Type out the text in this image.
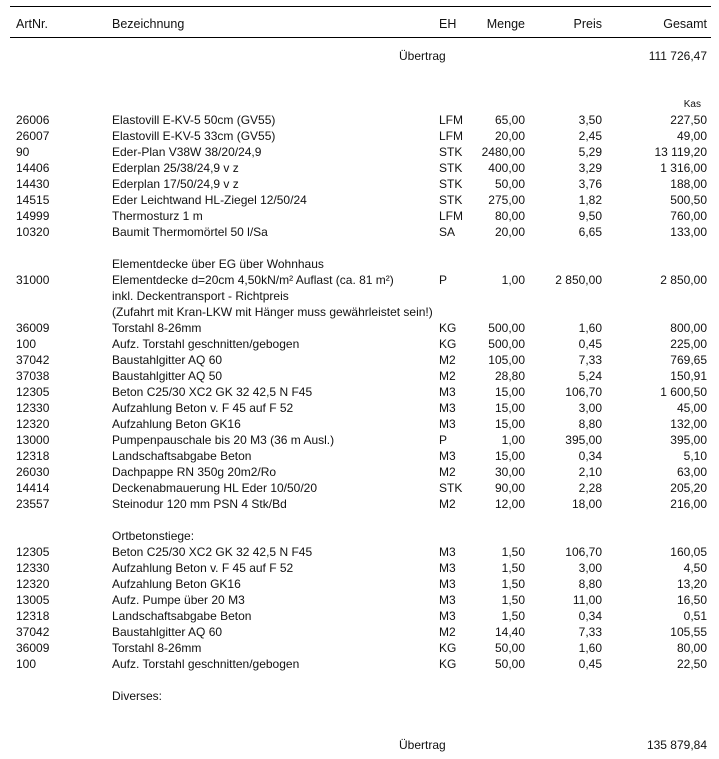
ArtNr.	Bezeichnung	EH Menge	Preis	Gesamt
Übertrag	111 726,47
Kas
26006	Elastovill E-KV-5 50cm (GV55)	LFM	65,00	3,50	227,50
26007	Elastovill E-KV-5 33cm (GV55)	LFM	20,00	2,45	49,00
90	Eder-Plan V38W 38/20/24,9	STK 2480,00	5,29	13 119,20
14406	Ederplan 25/38/24,9 v z	STK 400,00	3,29	1 316,00
14430	Ederplan 17/50/24,9 v z	STK	50,00	3,76	188,00
14515	Eder Leichtwand HL-Ziegel 12/50/24	STK 275,00	1,82	500,50
14999	Thermosturz 1 m	LFM	80,00	9,50	760,00
10320	Baumit Thermomörtel 50 l/Sa	SA	20,00	6,65	133,00
Elementdecke über EG über Wohnhaus
31000	Elementdecke d=20cm 4,50kN/m² Auflast (ca. 81 m²)	P	1,00	2 850,00	2 850,00
inkl. Deckentransport - Richtpreis
(Zufahrt mit Kran-LKW mit Hänger muss gewährleistet sein!)
36009	Torstahl 8-26mm	KG	500,00	1,60	800,00
100	Aufz. Torstahl geschnitten/gebogen	KG	500,00	0,45	225,00
37042	Baustahlgitter AQ 60	M2	105,00	7,33	769,65
37038	Baustahlgitter AQ 50	M2	28,80	5,24	150,91
12305	Beton C25/30 XC2 GK 32 42,5 N F45	M3	15,00	106,70	1 600,50
12330	Aufzahlung Beton v. F 45 auf F 52	M3	15,00	3,00	45,00
12320	Aufzahlung Beton GK16	M3	15,00	8,80	132,00
13000	Pumpenpauschale bis 20 M3 (36 m Ausl.)	P	1,00	395,00	395,00
12318	Landschaftsabgabe Beton	M3	15,00	0,34	5,10
26030	Dachpappe RN 350g 20m2/Ro	M2	30,00	2,10	63,00
14414	Deckenabmauerung HL Eder 10/50/20	STK	90,00	2,28	205,20
23557	Steinodur 120 mm PSN 4 Stk/Bd	M2	12,00	18,00	216,00
Ortbetonstiege:
12305	Beton C25/30 XC2 GK 32 42,5 N F45	M3	1,50	106,70	160,05
12330	Aufzahlung Beton v. F 45 auf F 52	M3	1,50	3,00	4,50
12320	Aufzahlung Beton GK16	M3	1,50	8,80	13,20
13005	Aufz. Pumpe über 20 M3	M3	1,50	11,00	16,50
12318	Landschaftsabgabe Beton	M3	1,50	0,34	0,51
37042	Baustahlgitter AQ 60	M2	14,40	7,33	105,55
36009	Torstahl 8-26mm	KG	50,00	1,60	80,00
100	Aufz. Torstahl geschnitten/gebogen	KG	50,00	0,45	22,50
Diverses:
Übertrag	135 879,84
